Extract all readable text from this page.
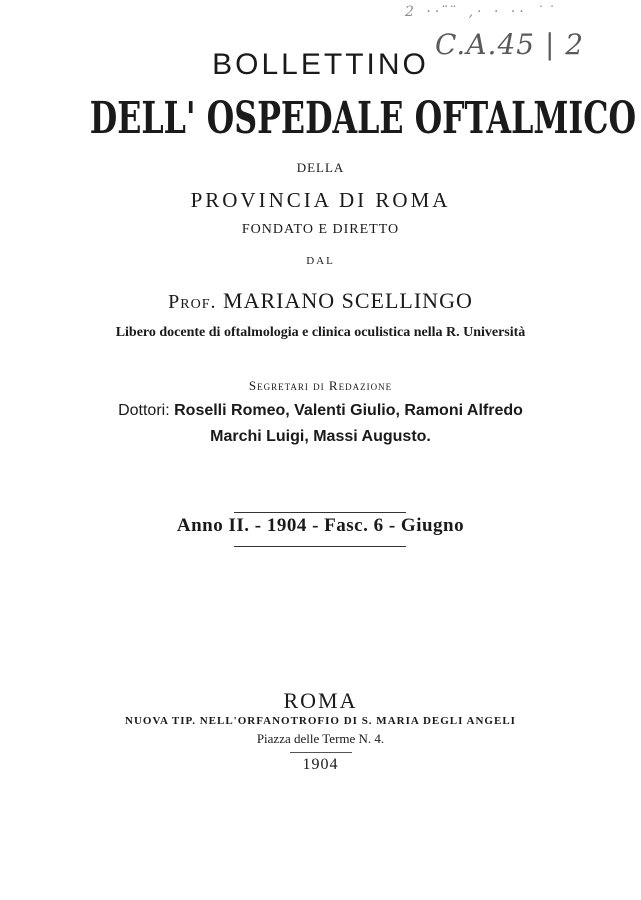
2 ·· ̈ ̈ ,· · ·· ˙˙
C.A.45 | 2
BOLLETTINO
DELL' OSPEDALE OFTALMICO
DELLA
PROVINCIA DI ROMA
FONDATO E DIRETTO
DAL
Prof. MARIANO SCELLINGO
Libero docente di oftalmologia e clinica oculistica nella R. Università
Segretari di Redazione
Dottori: Roselli Romeo, Valenti Giulio, Ramoni Alfredo
Marchi Luigi, Massi Augusto.
Anno II. - 1904 - Fasc. 6 - Giugno
ROMA
NUOVA TIP. NELL'ORFANOTROFIO DI S. MARIA DEGLI ANGELI
Piazza delle Terme N. 4.
1904
